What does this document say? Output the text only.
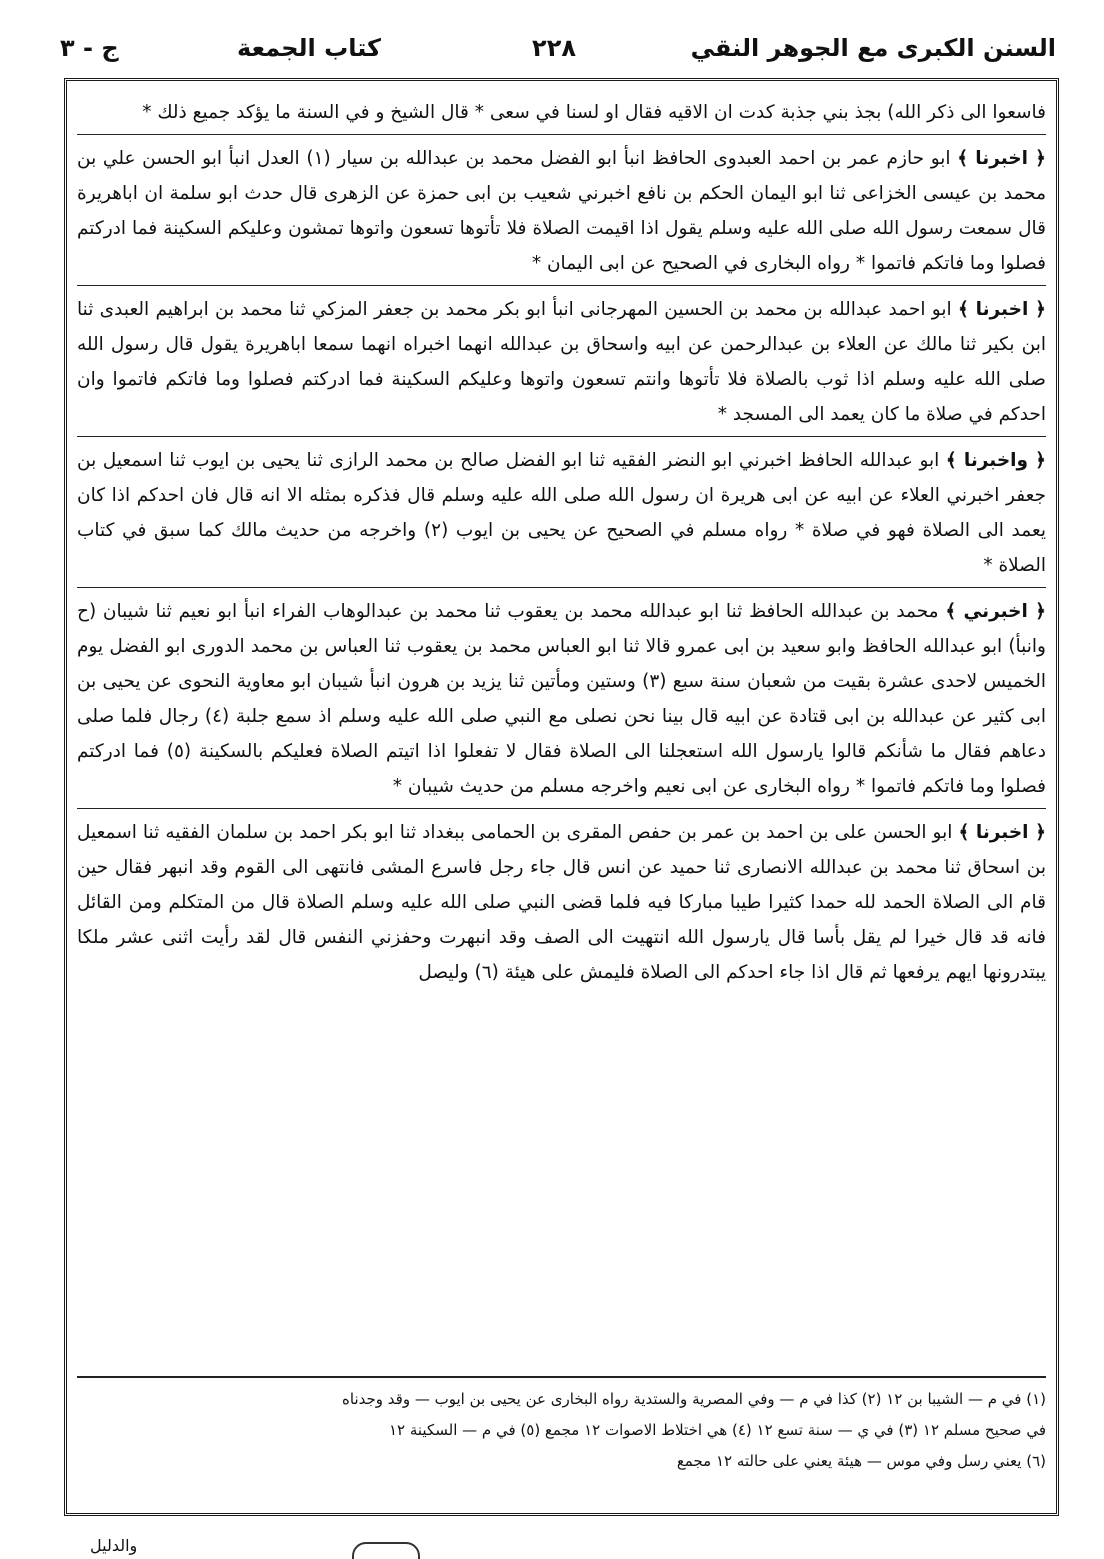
السنن الكبرى مع الجوهر النقي
٢٢٨
كتاب الجمعة
ج - ٣

فاسعوا الى ذكر الله) بجذ بني جذبة كدت ان الاقيه فقال او لسنا في سعى * قال الشيخ و في السنة ما يؤكد جميع ذلك *

﴿ اخبرنا ﴾ ابو حازم عمر بن احمد العبدوى الحافظ انبأ ابو الفضل محمد بن عبدالله بن سيار (١) العدل انبأ ابو الحسن علي بن محمد بن عيسى الخزاعى ثنا ابو اليمان الحكم بن نافع اخبرني شعيب بن ابى حمزة عن الزهرى قال حدث ابو سلمة ان اباهريرة قال سمعت رسول الله صلى الله عليه وسلم يقول اذا اقيمت الصلاة فلا تأتوها تسعون واتوها تمشون وعليكم السكينة فما ادركتم فصلوا وما فاتكم فاتموا * رواه البخارى في الصحيح عن ابى اليمان *

﴿ اخبرنا ﴾ ابو احمد عبدالله بن محمد بن الحسين المهرجانى انبأ ابو بكر محمد بن جعفر المزكي ثنا محمد بن ابراهيم العبدى ثنا ابن بكير ثنا مالك عن العلاء بن عبدالرحمن عن ابيه واسحاق بن عبدالله انهما اخبراه انهما سمعا اباهريرة يقول قال رسول الله صلى الله عليه وسلم اذا ثوب بالصلاة فلا تأتوها وانتم تسعون واتوها وعليكم السكينة فما ادركتم فصلوا وما فاتكم فاتموا وان احدكم في صلاة ما كان يعمد الى المسجد *

﴿ واخبرنا ﴾ ابو عبدالله الحافظ اخبرني ابو النضر الفقيه ثنا ابو الفضل صالح بن محمد الرازى ثنا يحيى بن ايوب ثنا اسمعيل بن جعفر اخبرني العلاء عن ابيه عن ابى هريرة ان رسول الله صلى الله عليه وسلم قال فذكره بمثله الا انه قال فان احدكم اذا كان يعمد الى الصلاة فهو في صلاة * رواه مسلم في الصحيح عن يحيى بن ايوب (٢) واخرجه من حديث مالك كما سبق في كتاب الصلاة *

﴿ اخبرني ﴾ محمد بن عبدالله الحافظ ثنا ابو عبدالله محمد بن يعقوب ثنا محمد بن عبدالوهاب الفراء انبأ ابو نعيم ثنا شيبان (ح وانبأ) ابو عبدالله الحافظ وابو سعيد بن ابى عمرو قالا ثنا ابو العباس محمد بن يعقوب ثنا العباس بن محمد الدورى ابو الفضل يوم الخميس لاحدى عشرة بقيت من شعبان سنة سبع (٣) وستين ومأتين ثنا يزيد بن هرون انبأ شيبان ابو معاوية النحوى عن يحيى بن ابى كثير عن عبدالله بن ابى قتادة عن ابيه قال بينا نحن نصلى مع النبي صلى الله عليه وسلم اذ سمع جلبة (٤) رجال فلما صلى دعاهم فقال ما شأنكم قالوا يارسول الله استعجلنا الى الصلاة فقال لا تفعلوا اذا اتيتم الصلاة فعليكم بالسكينة (٥) فما ادركتم فصلوا وما فاتكم فاتموا * رواه البخارى عن ابى نعيم واخرجه مسلم من حديث شيبان *

﴿ اخبرنا ﴾ ابو الحسن على بن احمد بن عمر بن حفص المقرى بن الحمامى ببغداد ثنا ابو بكر احمد بن سلمان الفقيه ثنا اسمعيل بن اسحاق ثنا محمد بن عبدالله الانصارى ثنا حميد عن انس قال جاء رجل فاسرع المشى فانتهى الى القوم وقد انبهر فقال حين قام الى الصلاة الحمد لله حمدا كثيرا طيبا مباركا فيه فلما قضى النبي صلى الله عليه وسلم الصلاة قال من المتكلم ومن القائل فانه قد قال خيرا لم يقل بأسا قال يارسول الله انتهيت الى الصف وقد انبهرت وحفزني النفس قال لقد رأيت اثنى عشر ملكا يبتدرونها ايهم يرفعها ثم قال اذا جاء احدكم الى الصلاة فليمش على هيئة (٦) وليصل

(١) في م — الشيبا بن ١٢ (٢) كذا في م — وفي المصرية والستدية رواه البخارى عن يحيى بن ايوب — وقد وجدناه
في صحيح مسلم ١٢ (٣) في ي — سنة تسع ١٢ (٤) هي اختلاط الاصوات ١٢ مجمع (٥) في م — السكينة ١٢
(٦) يعني رسل وفي موس — هيئة يعني على حالته ١٢ مجمع
والدليل
